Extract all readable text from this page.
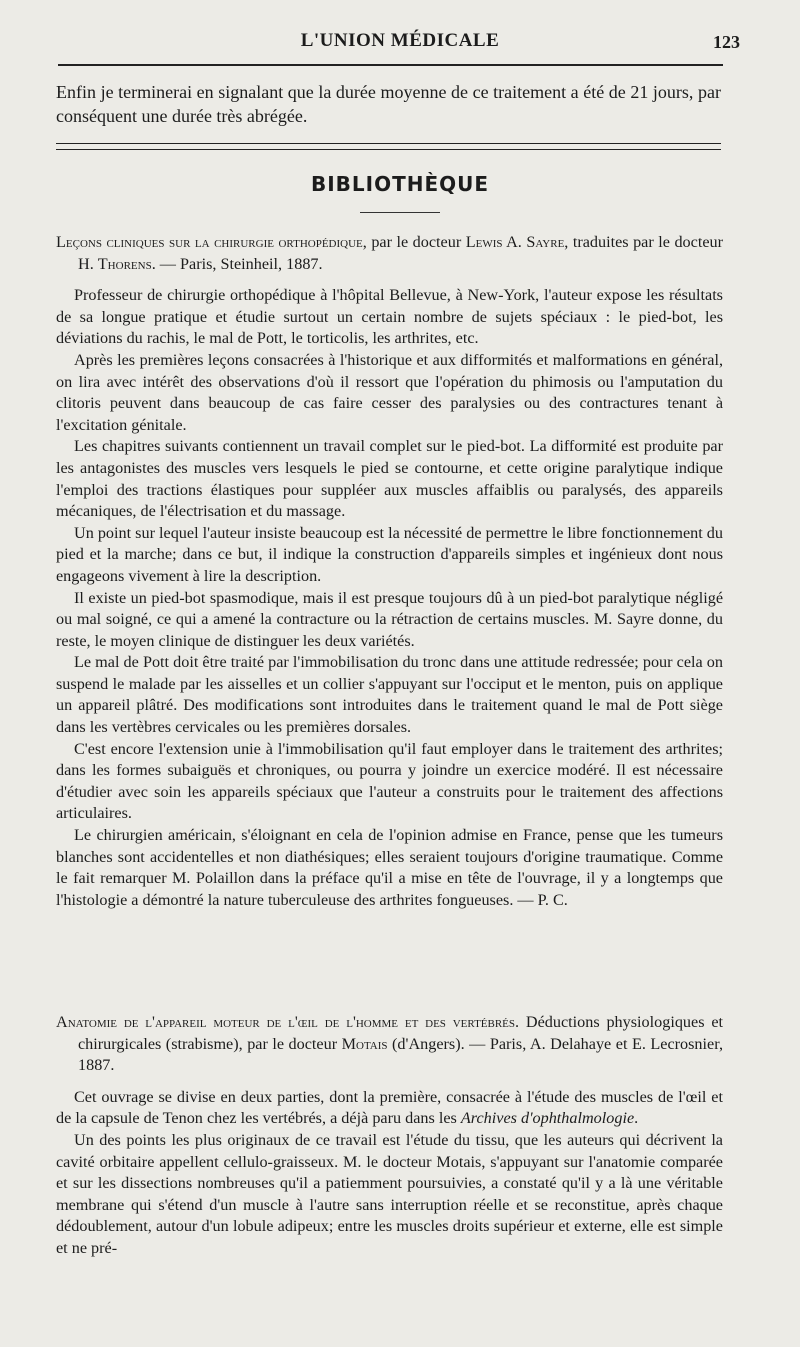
L'UNION MÉDICALE	123

Enfin je terminerai en signalant que la durée moyenne de ce traitement a été de 21 jours, par conséquent une durée très abrégée.

BIBLIOTHÈQUE

Leçons cliniques sur la chirurgie orthopédique, par le docteur Lewis A. Sayre, traduites par le docteur H. Thorens. — Paris, Steinheil, 1887.

Professeur de chirurgie orthopédique à l'hôpital Bellevue, à New-York, l'auteur expose les résultats de sa longue pratique et étudie surtout un certain nombre de sujets spéciaux : le pied-bot, les déviations du rachis, le mal de Pott, le torticolis, les arthrites, etc.

Après les premières leçons consacrées à l'historique et aux difformités et malformations en général, on lira avec intérêt des observations d'où il ressort que l'opération du phimosis ou l'amputation du clitoris peuvent dans beaucoup de cas faire cesser des paralysies ou des contractures tenant à l'excitation génitale.

Les chapitres suivants contiennent un travail complet sur le pied-bot. La difformité est produite par les antagonistes des muscles vers lesquels le pied se contourne, et cette origine paralytique indique l'emploi des tractions élastiques pour suppléer aux muscles affaiblis ou paralysés, des appareils mécaniques, de l'électrisation et du massage.

Un point sur lequel l'auteur insiste beaucoup est la nécessité de permettre le libre fonctionnement du pied et la marche; dans ce but, il indique la construction d'appareils simples et ingénieux dont nous engageons vivement à lire la description.

Il existe un pied-bot spasmodique, mais il est presque toujours dû à un pied-bot paralytique négligé ou mal soigné, ce qui a amené la contracture ou la rétraction de certains muscles. M. Sayre donne, du reste, le moyen clinique de distinguer les deux variétés.

Le mal de Pott doit être traité par l'immobilisation du tronc dans une attitude redressée; pour cela on suspend le malade par les aisselles et un collier s'appuyant sur l'occiput et le menton, puis on applique un appareil plâtré. Des modifications sont introduites dans le traitement quand le mal de Pott siège dans les vertèbres cervicales ou les premières dorsales.

C'est encore l'extension unie à l'immobilisation qu'il faut employer dans le traitement des arthrites; dans les formes subaiguës et chroniques, ou pourra y joindre un exercice modéré. Il est nécessaire d'étudier avec soin les appareils spéciaux que l'auteur a construits pour le traitement des affections articulaires.

Le chirurgien américain, s'éloignant en cela de l'opinion admise en France, pense que les tumeurs blanches sont accidentelles et non diathésiques; elles seraient toujours d'origine traumatique. Comme le fait remarquer M. Polaillon dans la préface qu'il a mise en tête de l'ouvrage, il y a longtemps que l'histologie a démontré la nature tuberculeuse des arthrites fongueuses. — P. C.

Anatomie de l'appareil moteur de l'œil de l'homme et des vertébrés. Déductions physiologiques et chirurgicales (strabisme), par le docteur Motais (d'Angers). — Paris, A. Delahaye et E. Lecrosnier, 1887.

Cet ouvrage se divise en deux parties, dont la première, consacrée à l'étude des muscles de l'œil et de la capsule de Tenon chez les vertébrés, a déjà paru dans les Archives d'ophthalmologie.

Un des points les plus originaux de ce travail est l'étude du tissu, que les auteurs qui décrivent la cavité orbitaire appellent cellulo-graisseux. M. le docteur Motais, s'appuyant sur l'anatomie comparée et sur les dissections nombreuses qu'il a patiemment poursuivies, a constaté qu'il y a là une véritable membrane qui s'étend d'un muscle à l'autre sans interruption réelle et se reconstitue, après chaque dédoublement, autour d'un lobule adipeux; entre les muscles droits supérieur et externe, elle est simple et ne pré-
